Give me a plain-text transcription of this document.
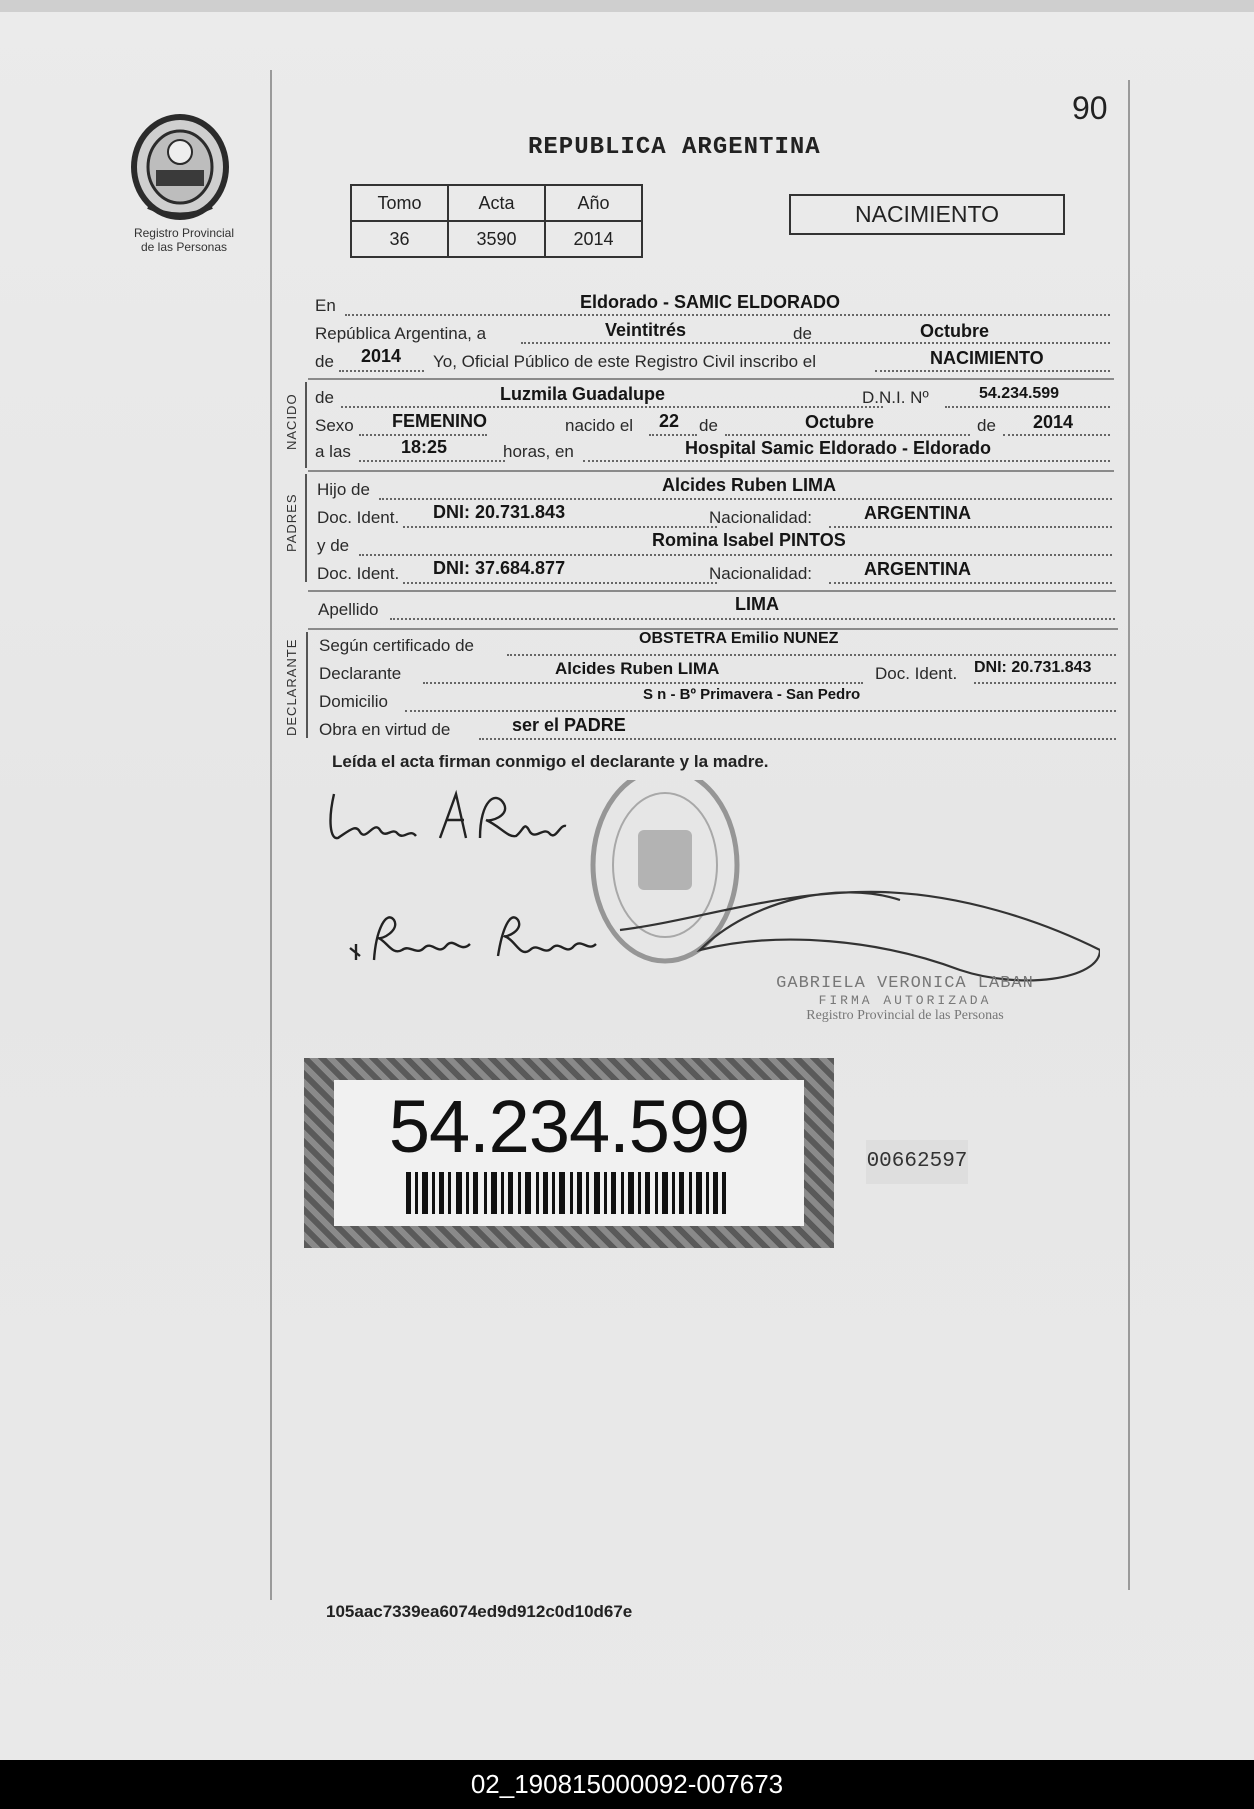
Registro Provincial
de las Personas
90
REPUBLICA ARGENTINA
Tomo	Acta	Año
36	3590	2014
NACIMIENTO
En	Eldorado - SAMIC ELDORADO
República Argentina, a	Veintitrés	de	Octubre
de 2014 Yo, Oficial Público de este Registro Civil inscribo el	NACIMIENTO
NACIDO de	Luzmila Guadalupe	D.N.I. Nº	54.234.599
Sexo FEMENINO	nacido el 22 de	Octubre	de 2014
a las	18:25	horas, en	Hospital Samic Eldorado - Eldorado
PADRES
Hijo de	Alcides Ruben LIMA
Doc. Ident. DNI: 20.731.843	Nacionalidad:	ARGENTINA
y de	Romina Isabel PINTOS
Doc. Ident. DNI: 37.684.877	Nacionalidad:	ARGENTINA
Apellido	LIMA
DECLARANTE Según certificado de	OBSTETRA Emilio NUNEZ
Declarante	Alcides Ruben LIMA	Doc. Ident. DNI: 20.731.843
Domicilio	S n - Bº Primavera - San Pedro
Obra en virtud de	ser el PADRE
Leída el acta firman conmigo el declarante y la madre.
GABRIELA VERONICA LABAN
FIRMA AUTORIZADA
Registro Provincial de las Personas
54.234.599	00662597
105aac7339ea6074ed9d912c0d10d67e
02_190815000092-007673
